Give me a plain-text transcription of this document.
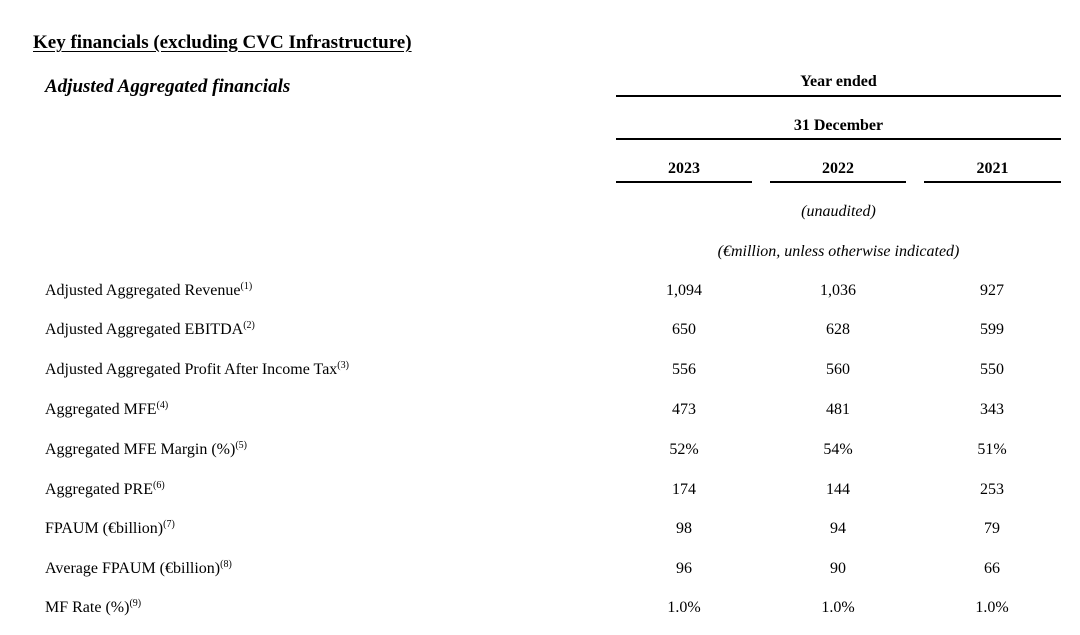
Key financials (excluding CVC Infrastructure)
Adjusted Aggregated financials	Year ended
31 December
2023	2022	2021
(unaudited)
(€million, unless otherwise indicated)
Adjusted Aggregated Revenue$^{(1)}$	1,094	1,036	927
Adjusted Aggregated EBITDA$^{(2)}$	650	628	599
Adjusted Aggregated Profit After Income Tax$^{(3)}$	556	560	550
Aggregated MFE$^{(4)}$	473	481	343
Aggregated MFE Margin (%)$^{(5)}$	52%	54%	51%
Aggregated PRE$^{(6)}$	174	144	253
FPAUM (€billion)$^{(7)}$	98	94	79
Average FPAUM (€billion)$^{(8)}$	96	90	66
MF Rate (%)$^{(9)}$	1.0%	1.0%	1.0%
